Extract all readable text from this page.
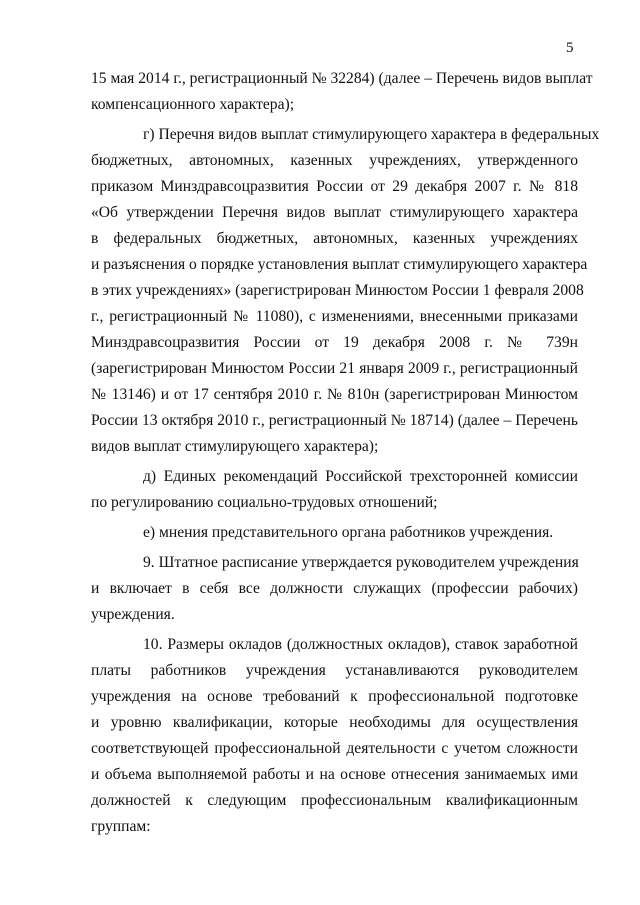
5

15 мая 2014 г., регистрационный № 32284) (далее – Перечень видов выплат

компенсационного характера);

г) Перечня видов выплат стимулирующего характера в федеральных

бюджетных, автономных, казенных учреждениях, утвержденного

приказом Минздравсоцразвития России от 29 декабря 2007 г. № 818

«Об утверждении Перечня видов выплат стимулирующего характера

в федеральных бюджетных, автономных, казенных учреждениях

и разъяснения о порядке установления выплат стимулирующего характера

в этих учреждениях» (зарегистрирован Минюстом России 1 февраля 2008

г., регистрационный № 11080), с изменениями, внесенными приказами

Минздравсоцразвития России от 19 декабря 2008 г. № 739н

(зарегистрирован Минюстом России 21 января 2009 г., регистрационный

№ 13146) и от 17 сентября 2010 г. № 810н (зарегистрирован Минюстом

России 13 октября 2010 г., регистрационный № 18714) (далее – Перечень

видов выплат стимулирующего характера);

д) Единых рекомендаций Российской трехсторонней комиссии

по регулированию социально-трудовых отношений;

е) мнения представительного органа работников учреждения.

9. Штатное расписание утверждается руководителем учреждения

и включает в себя все должности служащих (профессии рабочих)

учреждения.

10. Размеры окладов (должностных окладов), ставок заработной

платы работников учреждения устанавливаются руководителем

учреждения на основе требований к профессиональной подготовке

и уровню квалификации, которые необходимы для осуществления

соответствующей профессиональной деятельности с учетом сложности

и объема выполняемой работы и на основе отнесения занимаемых ими

должностей к следующим профессиональным квалификационным

группам:
